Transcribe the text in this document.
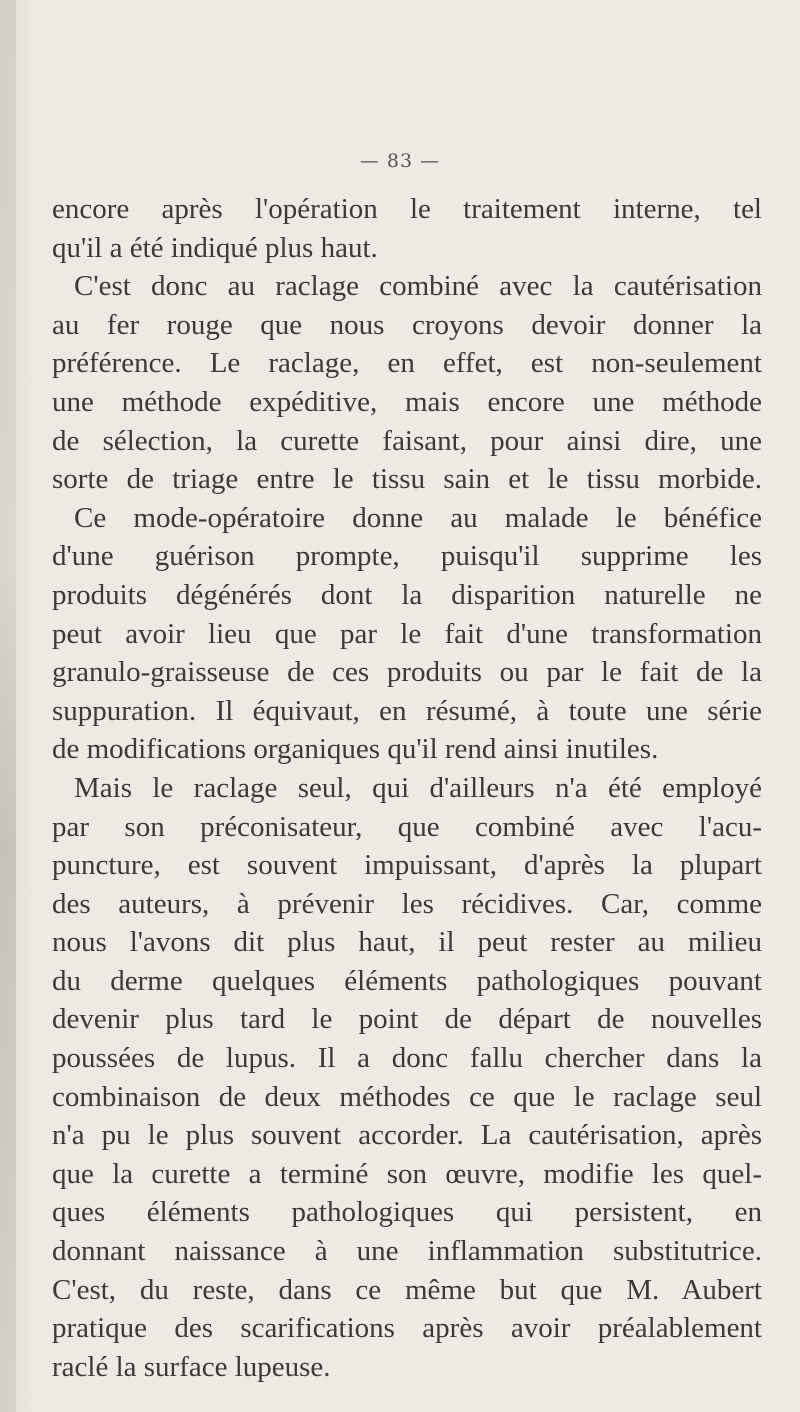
— 83 —
encore après l'opération le traitement interne, tel
qu'il a été indiqué plus haut.
C'est donc au raclage combiné avec la cautérisation
au fer rouge que nous croyons devoir donner la
préférence. Le raclage, en effet, est non-seulement
une méthode expéditive, mais encore une méthode
de sélection, la curette faisant, pour ainsi dire, une
sorte de triage entre le tissu sain et le tissu morbide.
Ce mode-opératoire donne au malade le bénéfice
d'une guérison prompte, puisqu'il supprime les
produits dégénérés dont la disparition naturelle ne
peut avoir lieu que par le fait d'une transformation
granulo-graisseuse de ces produits ou par le fait de la
suppuration. Il équivaut, en résumé, à toute une série
de modifications organiques qu'il rend ainsi inutiles.
Mais le raclage seul, qui d'ailleurs n'a été employé
par son préconisateur, que combiné avec l'acu-
puncture, est souvent impuissant, d'après la plupart
des auteurs, à prévenir les récidives. Car, comme
nous l'avons dit plus haut, il peut rester au milieu
du derme quelques éléments pathologiques pouvant
devenir plus tard le point de départ de nouvelles
poussées de lupus. Il a donc fallu chercher dans la
combinaison de deux méthodes ce que le raclage seul
n'a pu le plus souvent accorder. La cautérisation, après
que la curette a terminé son œuvre, modifie les quel-
ques éléments pathologiques qui persistent, en
donnant naissance à une inflammation substitutrice.
C'est, du reste, dans ce même but que M. Aubert
pratique des scarifications après avoir préalablement
raclé la surface lupeuse.
